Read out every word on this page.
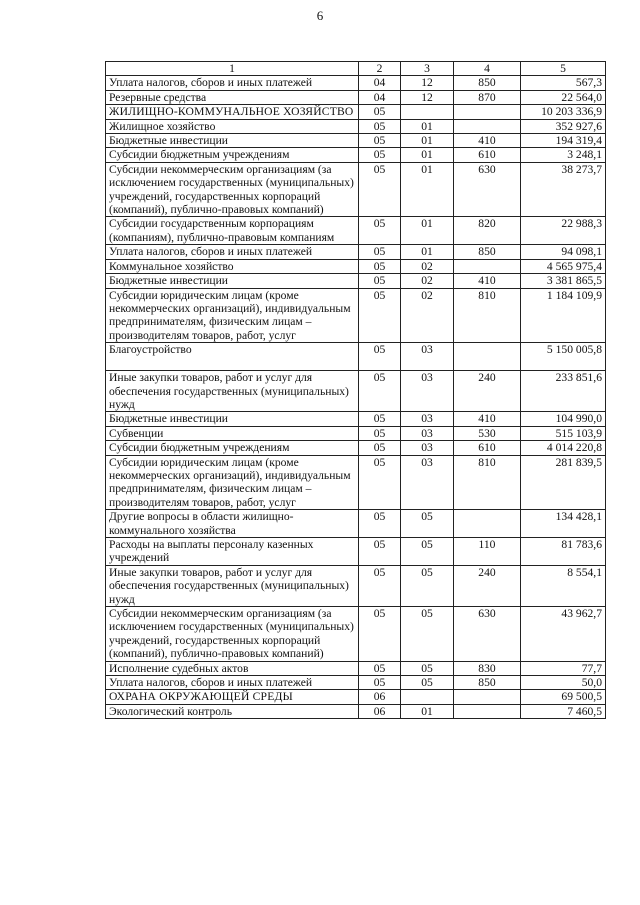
6
1	2	3	4	5
Уплата налогов, сборов и иных платежей	04	12	850	567,3
Резервные средства	04	12	870	22 564,0
ЖИЛИЩНО-КОММУНАЛЬНОЕ ХОЗЯЙСТВО	05			10 203 336,9
Жилищное хозяйство	05	01		352 927,6
Бюджетные инвестиции	05	01	410	194 319,4
Субсидии бюджетным учреждениям	05	01	610	3 248,1
Субсидии некоммерческим организациям (за исключением государственных (муниципальных) учреждений, государственных корпораций (компаний), публично-правовых компаний)	05	01	630	38 273,7
Субсидии государственным корпорациям (компаниям), публично-правовым компаниям	05	01	820	22 988,3
Уплата налогов, сборов и иных платежей	05	01	850	94 098,1
Коммунальное хозяйство	05	02		4 565 975,4
Бюджетные инвестиции	05	02	410	3 381 865,5
Субсидии юридическим лицам (кроме некоммерческих организаций), индивидуальным предпринимателям, физическим лицам – производителям товаров, работ, услуг	05	02	810	1 184 109,9
Благоустройство	05	03		5 150 005,8
Иные закупки товаров, работ и услуг для обеспечения государственных (муниципальных) нужд	05	03	240	233 851,6
Бюджетные инвестиции	05	03	410	104 990,0
Субвенции	05	03	530	515 103,9
Субсидии бюджетным учреждениям	05	03	610	4 014 220,8
Субсидии юридическим лицам (кроме некоммерческих организаций), индивидуальным предпринимателям, физическим лицам – производителям товаров, работ, услуг	05	03	810	281 839,5
Другие вопросы в области жилищно-коммунального хозяйства	05	05		134 428,1
Расходы на выплаты персоналу казенных учреждений	05	05	110	81 783,6
Иные закупки товаров, работ и услуг для обеспечения государственных (муниципальных) нужд	05	05	240	8 554,1
Субсидии некоммерческим организациям (за исключением государственных (муниципальных) учреждений, государственных корпораций (компаний), публично-правовых компаний)	05	05	630	43 962,7
Исполнение судебных актов	05	05	830	77,7
Уплата налогов, сборов и иных платежей	05	05	850	50,0
ОХРАНА ОКРУЖАЮЩЕЙ СРЕДЫ	06			69 500,5
Экологический контроль	06	01		7 460,5
